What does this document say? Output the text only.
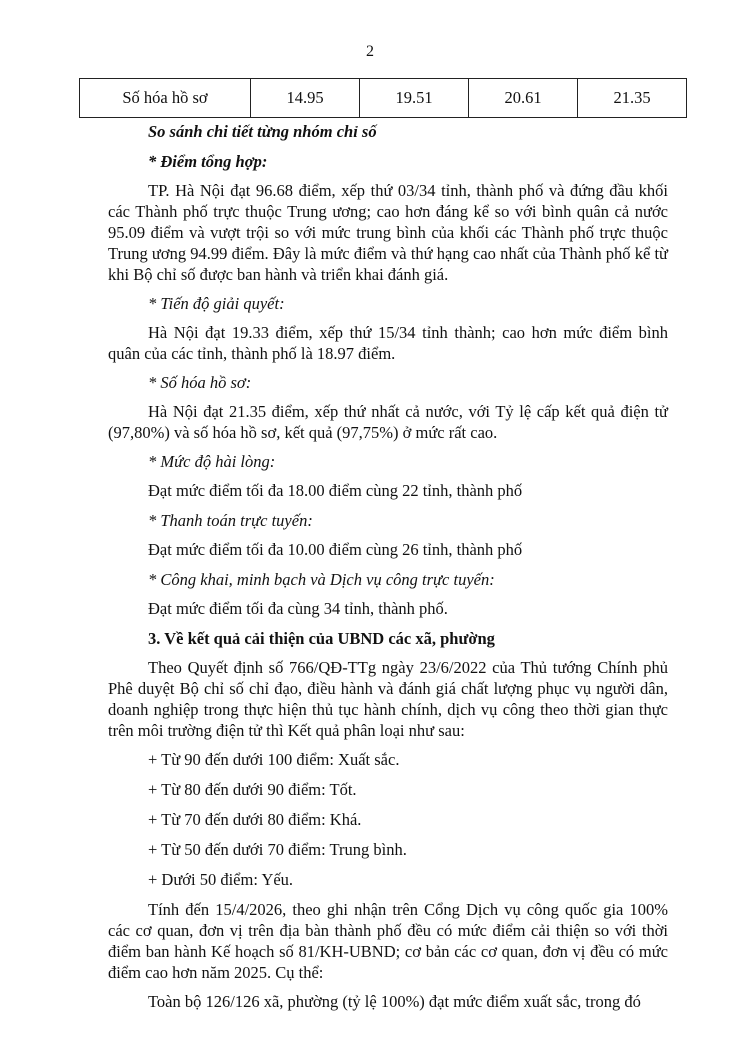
2
Số hóa hồ sơ	14.95	19.51	20.61	21.35

So sánh chi tiết từng nhóm chỉ số

* Điểm tổng hợp:

TP. Hà Nội đạt 96.68 điểm, xếp thứ 03/34 tỉnh, thành phố và đứng đầu khối các Thành phố trực thuộc Trung ương; cao hơn đáng kể so với bình quân cả nước 95.09 điểm và vượt trội so với mức trung bình của khối các Thành phố trực thuộc Trung ương 94.99 điểm. Đây là mức điểm và thứ hạng cao nhất của Thành phố kể từ khi Bộ chỉ số được ban hành và triển khai đánh giá.

* Tiến độ giải quyết:

Hà Nội đạt 19.33 điểm, xếp thứ 15/34 tỉnh thành; cao hơn mức điểm bình quân của các tỉnh, thành phố là 18.97 điểm.

* Số hóa hồ sơ:

Hà Nội đạt 21.35 điểm, xếp thứ nhất cả nước, với Tỷ lệ cấp kết quả điện tử (97,80%) và số hóa hồ sơ, kết quả (97,75%) ở mức rất cao.

* Mức độ hài lòng:

Đạt mức điểm tối đa 18.00 điểm cùng 22 tỉnh, thành phố

* Thanh toán trực tuyến:

Đạt mức điểm tối đa 10.00 điểm cùng 26 tỉnh, thành phố

* Công khai, minh bạch và Dịch vụ công trực tuyến:

Đạt mức điểm tối đa cùng 34 tỉnh, thành phố.

3. Về kết quả cải thiện của UBND các xã, phường

Theo Quyết định số 766/QĐ-TTg ngày 23/6/2022 của Thủ tướng Chính phủ Phê duyệt Bộ chỉ số chỉ đạo, điều hành và đánh giá chất lượng phục vụ người dân, doanh nghiệp trong thực hiện thủ tục hành chính, dịch vụ công theo thời gian thực trên môi trường điện tử thì Kết quả phân loại như sau:

+ Từ 90 đến dưới 100 điểm: Xuất sắc.

+ Từ 80 đến dưới 90 điểm: Tốt.

+ Từ 70 đến dưới 80 điểm: Khá.

+ Từ 50 đến dưới 70 điểm: Trung bình.

+ Dưới 50 điểm: Yếu.

Tính đến 15/4/2026, theo ghi nhận trên Cổng Dịch vụ công quốc gia 100% các cơ quan, đơn vị trên địa bàn thành phố đều có mức điểm cải thiện so với thời điểm ban hành Kế hoạch số 81/KH-UBND; cơ bản các cơ quan, đơn vị đều có mức điểm cao hơn năm 2025. Cụ thể:

Toàn bộ 126/126 xã, phường (tỷ lệ 100%) đạt mức điểm xuất sắc, trong đó
